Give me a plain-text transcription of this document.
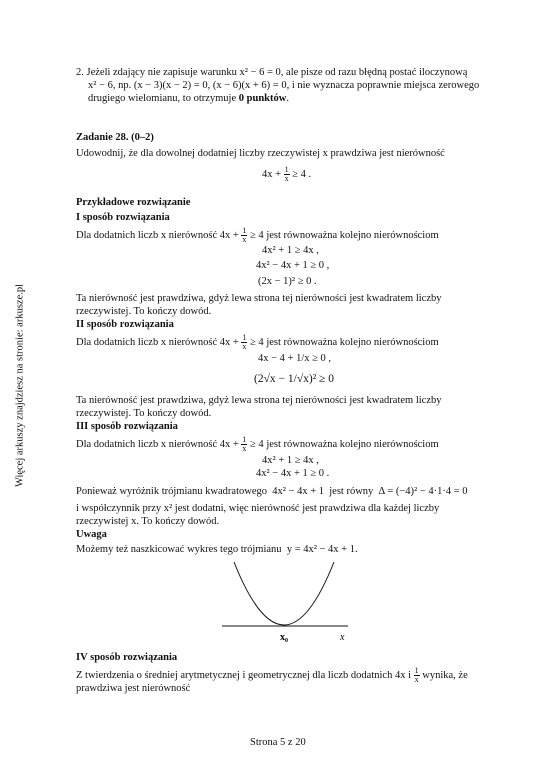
Więcej arkuszy znajdziesz na stronie: arkusze.pl
2. Jeżeli zdający nie zapisuje warunku x² − 6 = 0, ale pisze od razu błędną postać iloczynową
x² − 6, np. (x − 3)(x − 2) = 0, (x − 6)(x + 6) = 0, i nie wyznacza poprawnie miejsca zerowego
drugiego wielomianu, to otrzymuje 0 punktów.
Zadanie 28. (0–2)
Udowodnij, że dla dowolnej dodatniej liczby rzeczywistej x prawdziwa jest nierówność
$4x + \frac{1}{x} \ge 4$ .
Przykładowe rozwiązanie
I sposób rozwiązania
Dla dodatnich liczb x nierówność $4x + \frac{1}{x} \ge 4$ jest równoważna kolejno nierównościom
4x² + 1 ≥ 4x ,
4x² − 4x + 1 ≥ 0 ,
(2x − 1)² ≥ 0 .
Ta nierówność jest prawdziwa, gdyż lewa strona tej nierówności jest kwadratem liczby
rzeczywistej. To kończy dowód.
II sposób rozwiązania
Dla dodatnich liczb x nierówność $4x + \frac{1}{x} \ge 4$ jest równoważna kolejno nierównościom
4x − 4 + 1/x ≥ 0 ,
(2√x − 1/√x)² ≥ 0
Ta nierówność jest prawdziwa, gdyż lewa strona tej nierówności jest kwadratem liczby
rzeczywistej. To kończy dowód.
III sposób rozwiązania
Dla dodatnich liczb x nierówność $4x + \frac{1}{x} \ge 4$ jest równoważna kolejno nierównościom
4x² + 1 ≥ 4x ,
4x² − 4x + 1 ≥ 0 .
Ponieważ wyróżnik trójmianu kwadratowego 4x² − 4x + 1 jest równy Δ = (−4)² − 4·1·4 = 0
i współczynnik przy x² jest dodatni, więc nierówność jest prawdziwa dla każdej liczby
rzeczywistej x. To kończy dowód.
Uwaga
Możemy też naszkicować wykres tego trójmianu y = 4x² − 4x + 1.
x₀	x
IV sposób rozwiązania
Z twierdzenia o średniej arytmetycznej i geometrycznej dla liczb dodatnich 4x i $\frac{1}{x}$ wynika, że
prawdziwa jest nierówność
Strona 5 z 20
